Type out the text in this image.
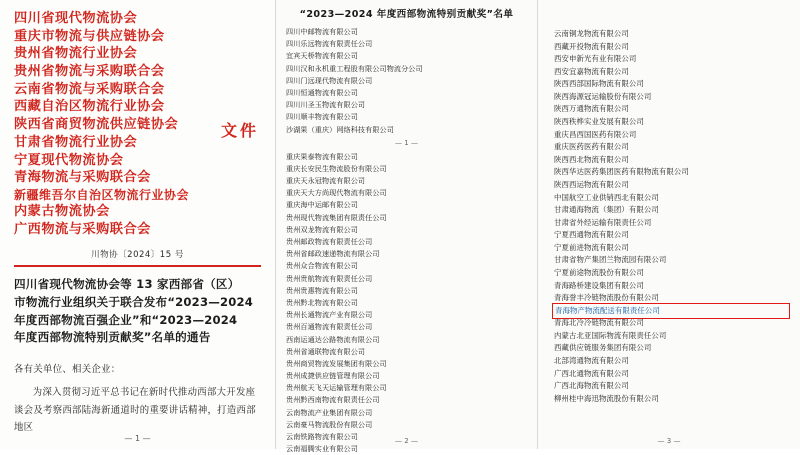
四川省现代物流协会
重庆市物流与供应链协会
贵州省物流行业协会
贵州省物流与采购联合会
云南省物流与采购联合会
西藏自治区物流行业协会
陕西省商贸物流供应链协会
甘肃省物流行业协会
宁夏现代物流协会
青海物流与采购联合会
新疆维吾尔自治区物流行业协会
内蒙古物流协会
广西物流与采购联合会
文件
川物协〔2024〕15 号
四川省现代物流协会等 13 家西部省（区）
市物流行业组织关于联合发布“2023—2024
年度西部物流百强企业”和“2023—2024
年度西部物流特别贡献奖”名单的通告

各有关单位、相关企业：

为深入贯彻习近平总书记在新时代推动西部大开发座谈会及考察西部陆海新通道时的重要讲话精神，打造西部地区

— 1 —
“2023—2024 年度西部物流特别贡献奖”名单
四川中邮物流有限公司
四川乐远物流有限责任公司
宜宾天桥物流有限公司
四川汉和永机重工程股有限公司物流分公司
四川门远现代物流有限公司
四川恒通物流有限公司
四川川圣玉物流有限公司
四川顺丰物流有限公司
沙湖果（重庆）网络科技有限公司
— 1 —
重庆果泰物流有限公司
重庆长安民生物流股份有限公司
重庆天永冠物流有限公司
重庆天大方尚现代物流有限公司
重庆海中运邮有限公司
贵州现代物流集团有限责任公司
贵州双龙物流有限公司
贵州邮政物流有限责任公司
贵州省邮政速递物流有限公司
贵州众合物流有限公司
贵州贵航物流有限责任公司
贵州贵惠物流有限公司
贵州黔北物流有限公司
贵州长通物流产业有限公司
贵州百通物流有限责任公司
西南运通达公路物流有限公司
贵州省通联物流有限公司
贵州商贸物流发展集团有限公司
贵州成捷供应链管理有限公司
贵州航天飞天运输管理有限公司
贵州黔西南物流有限责任公司
云南物流产业集团有限公司
云南豪马物流股份有限公司
云南铁路物流有限公司
云南福腾实业有限公司
— 2 —
云南铜龙物流有限公司
西藏开投物流有限公司
西安申新光有业有限公司
西安宜嘉物流有限公司
陕西西部国际物流有限公司
陕西海源冠运输股份有限公司
陕西万通物流有限公司
陕西秩桦实业发展有限公司
重庆昌西国医药有限公司
重庆医药医药有限公司
陕西西北物流有限公司
陕西华达医药集团医药有限物流有限公司
陕西西运物流有限公司
中国航空工业供销西北有限公司
甘肃通海物流（集团）有限公司
甘肃省外经运输有限责任公司
宁夏西通物流有限公司
宁夏前进物流有限公司
甘肃省物产集团兰物流园有限公司
宁夏前途物流股份有限公司
青海路桥建设集团有限公司
青海誉丰冷链物流股份有限公司
青海物产物流配送有限责任公司
青海北冷冷链物流有限公司
内蒙古北亚国际物流有限责任公司
西藏供应链服务集团有限公司
北部湾通物流有限公司
广西北通物流有限公司
广西北海物流有限公司
柳州桂中海迅物流股份有限公司
— 3 —
